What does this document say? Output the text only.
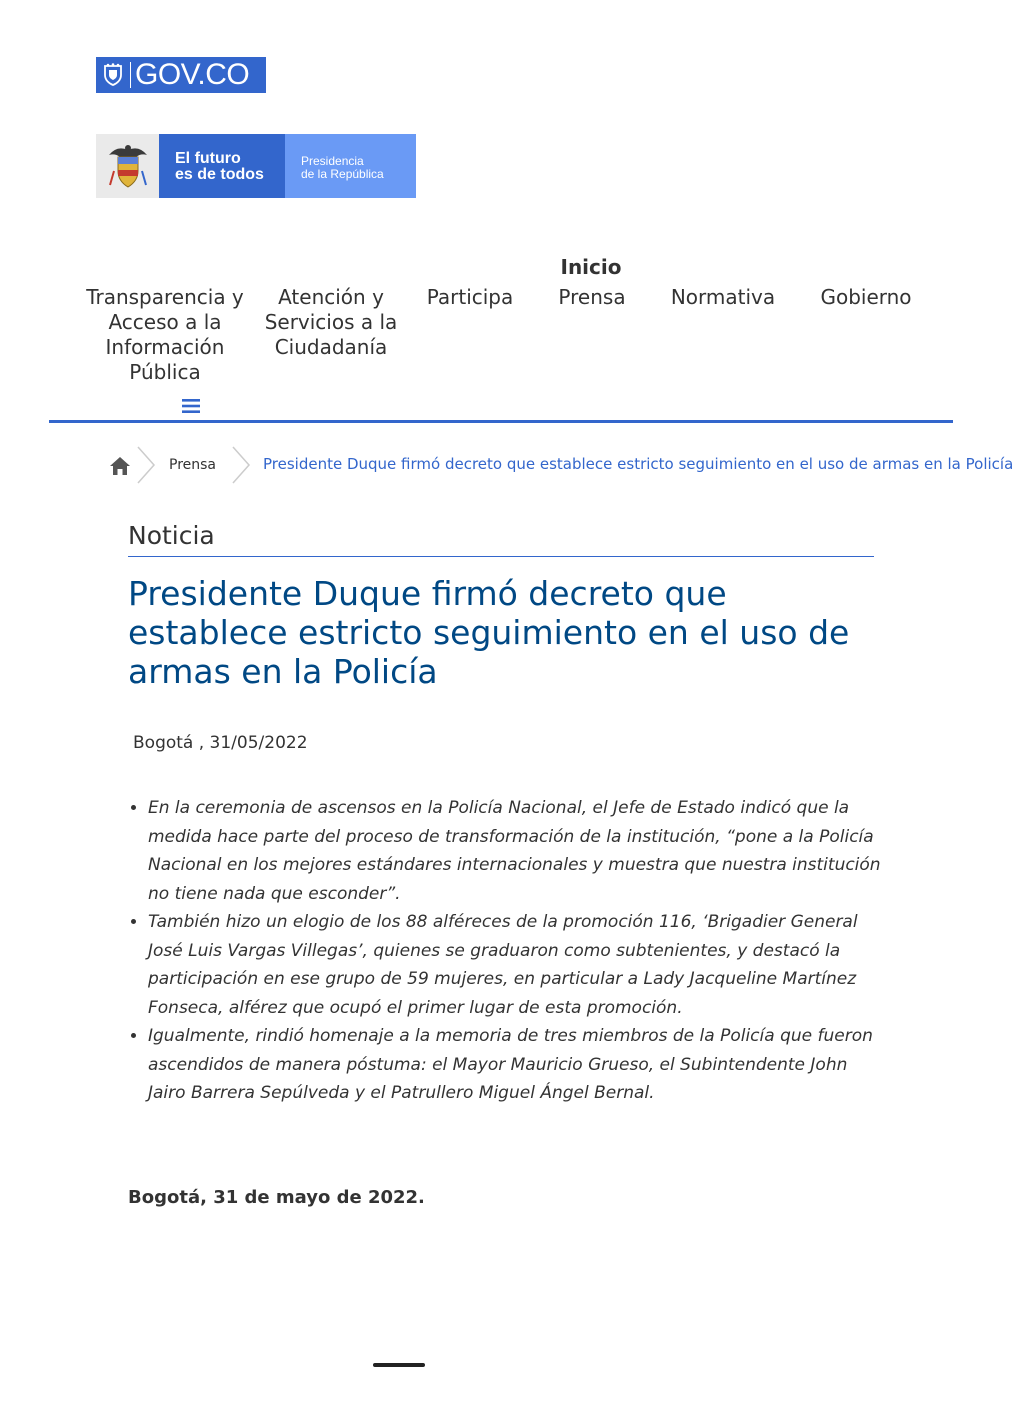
GOV.CO
El futuro
es de todos
Presidencia
de la República
Inicio
Transparencia y Acceso a la Información Pública
Atención y Servicios a la Ciudadanía
Participa	Prensa	Normativa	Gobierno
Prensa	Presidente Duque firmó decreto que establece estricto seguimiento en el uso de armas en la Policía
Noticia
Presidente Duque firmó decreto que establece estricto seguimiento en el uso de armas en la Policía
Bogotá , 31/05/2022
• En la ceremonia de ascensos en la Policía Nacional, el Jefe de Estado indicó que la medida hace parte del proceso de transformación de la institución, “pone a la Policía Nacional en los mejores estándares internacionales y muestra que nuestra institución no tiene nada que esconder”.
• También hizo un elogio de los 88 alféreces de la promoción 116, ‘Brigadier General José Luis Vargas Villegas’, quienes se graduaron como subtenientes, y destacó la participación en ese grupo de 59 mujeres, en particular a Lady Jacqueline Martínez Fonseca, alférez que ocupó el primer lugar de esta promoción.
• Igualmente, rindió homenaje a la memoria de tres miembros de la Policía que fueron ascendidos de manera póstuma: el Mayor Mauricio Grueso, el Subintendente John Jairo Barrera Sepúlveda y el Patrullero Miguel Ángel Bernal.
Bogotá, 31 de mayo de 2022.
